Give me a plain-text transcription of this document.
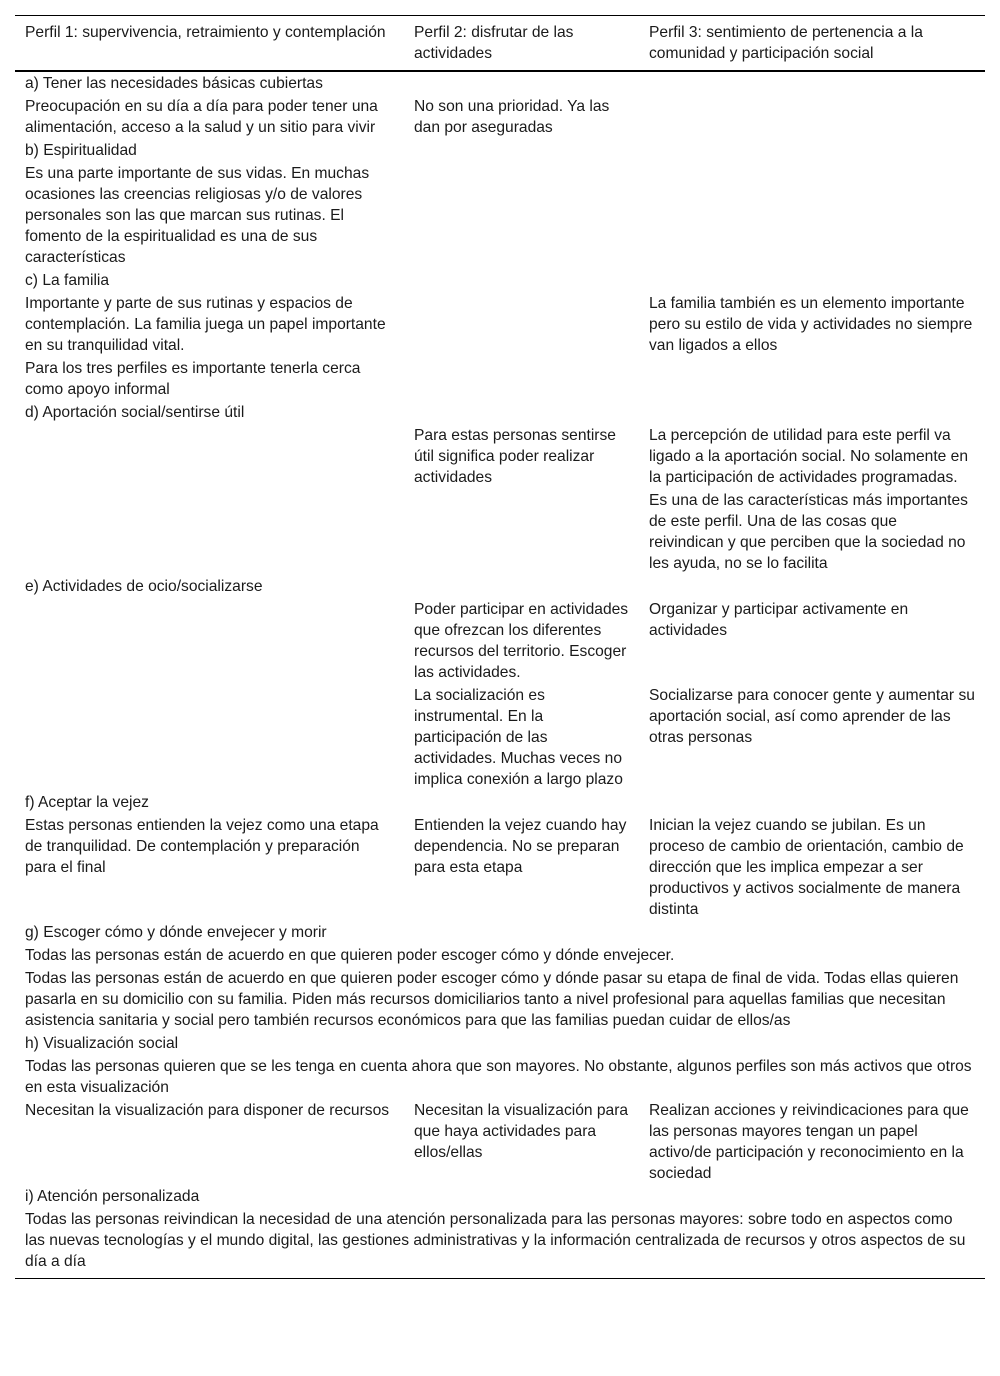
Perfil 1: supervivencia, retraimiento y contemplación	Perfil 2: disfrutar de las actividades	Perfil 3: sentimiento de pertenencia a la comunidad y participación social
a) Tener las necesidades básicas cubiertas		
Preocupación en su día a día para poder tener una alimentación, acceso a la salud y un sitio para vivir	No son una prioridad. Ya las dan por aseguradas	
b) Espiritualidad		
Es una parte importante de sus vidas. En muchas ocasiones las creencias religiosas y/o de valores personales son las que marcan sus rutinas. El fomento de la espiritualidad es una de sus características		
c) La familia		
Importante y parte de sus rutinas y espacios de contemplación. La familia juega un papel importante en su tranquilidad vital.		La familia también es un elemento importante pero su estilo de vida y actividades no siempre van ligados a ellos
Para los tres perfiles es importante tenerla cerca como apoyo informal		
d) Aportación social/sentirse útil		
	Para estas personas sentirse útil significa poder realizar actividades	La percepción de utilidad para este perfil va ligado a la aportación social. No solamente en la participación de actividades programadas.
		Es una de las características más importantes de este perfil. Una de las cosas que reivindican y que perciben que la sociedad no les ayuda, no se lo facilita
e) Actividades de ocio/socializarse		
	Poder participar en actividades que ofrezcan los diferentes recursos del territorio. Escoger las actividades.	Organizar y participar activamente en actividades
	La socialización es instrumental. En la participación de las actividades. Muchas veces no implica conexión a largo plazo	Socializarse para conocer gente y aumentar su aportación social, así como aprender de las otras personas
f) Aceptar la vejez		
Estas personas entienden la vejez como una etapa de tranquilidad. De contemplación y preparación para el final	Entienden la vejez cuando hay dependencia. No se preparan para esta etapa	Inician la vejez cuando se jubilan. Es un proceso de cambio de orientación, cambio de dirección que les implica empezar a ser productivos y activos socialmente de manera distinta
g) Escoger cómo y dónde envejecer y morir		
Todas las personas están de acuerdo en que quieren poder escoger cómo y dónde envejecer.		
Todas las personas están de acuerdo en que quieren poder escoger cómo y dónde pasar su etapa de final de vida. Todas ellas quieren pasarla en su domicilio con su familia. Piden más recursos domiciliarios tanto a nivel profesional para aquellas familias que necesitan asistencia sanitaria y social pero también recursos económicos para que las familias puedan cuidar de ellos/as		
h) Visualización social		
Todas las personas quieren que se les tenga en cuenta ahora que son mayores. No obstante, algunos perfiles son más activos que otros en esta visualización		
Necesitan la visualización para disponer de recursos	Necesitan la visualización para que haya actividades para ellos/ellas	Realizan acciones y reivindicaciones para que las personas mayores tengan un papel activo/de participación y reconocimiento en la sociedad
i) Atención personalizada		
Todas las personas reivindican la necesidad de una atención personalizada para las personas mayores: sobre todo en aspectos como las nuevas tecnologías y el mundo digital, las gestiones administrativas y la información centralizada de recursos y otros aspectos de su día a día		
